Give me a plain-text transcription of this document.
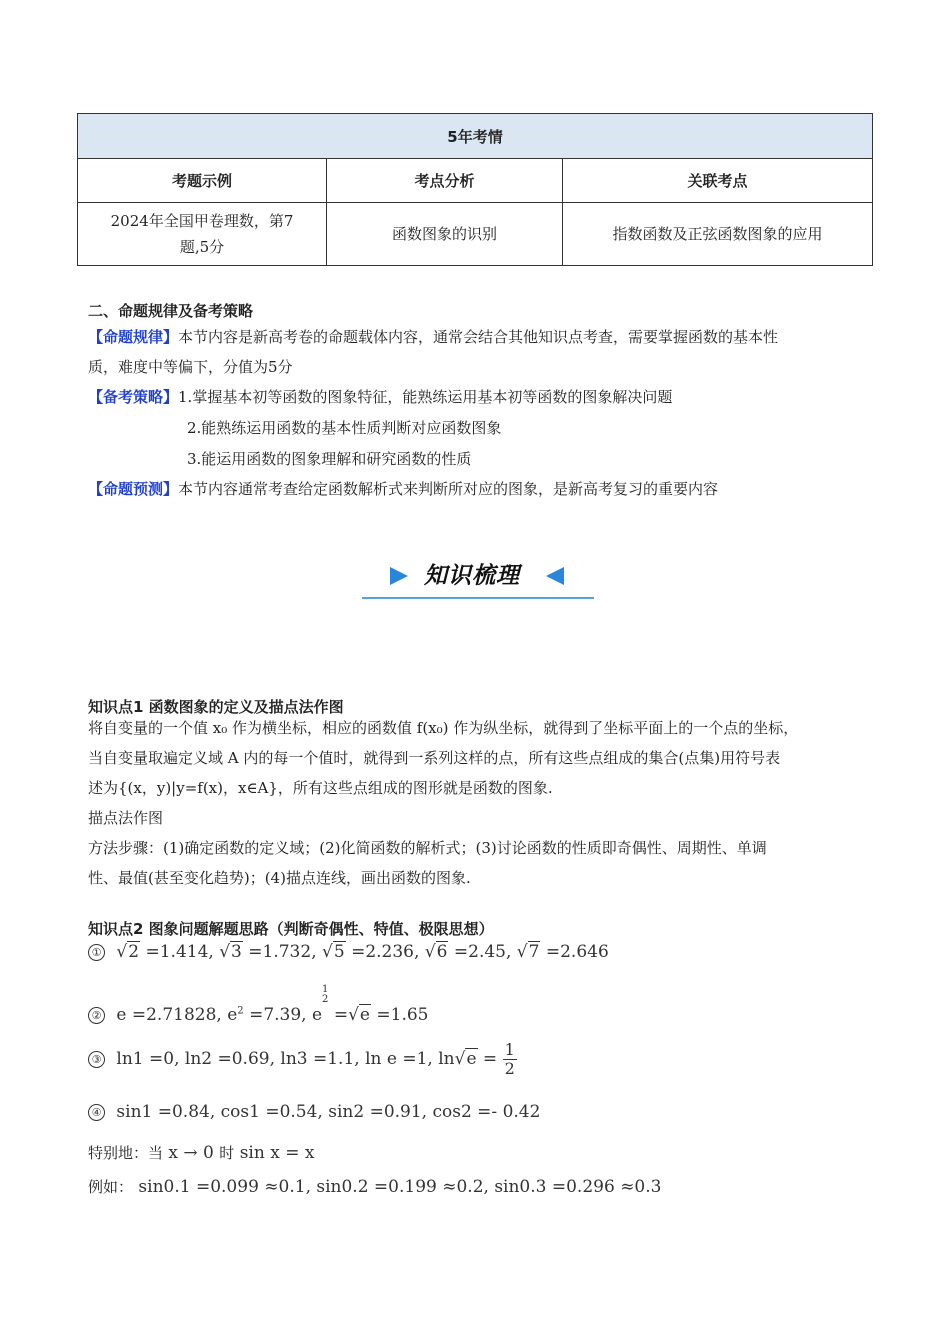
5年考情		
考题示例	考点分析	关联考点

2024年全国甲卷理数，第7
题,5分	函数图象的识别	指数函数及正弦函数图象的应用
二、命题规律及备考策略
【命题规律】本节内容是新高考卷的命题载体内容，通常会结合其他知识点考查，需要掌握函数的基本性
质，难度中等偏下，分值为5分
【备考策略】1.掌握基本初等函数的图象特征，能熟练运用基本初等函数的图象解决问题
2.能熟练运用函数的基本性质判断对应函数图象
3.能运用函数的图象理解和研究函数的性质
【命题预测】本节内容通常考查给定函数解析式来判断所对应的图象，是新高考复习的重要内容
知识梳理
知识点1 函数图象的定义及描点法作图
将自变量的一个值 x₀ 作为横坐标，相应的函数值 f(x₀) 作为纵坐标，就得到了坐标平面上的一个点的坐标，
当自变量取遍定义域 A 内的每一个值时，就得到一系列这样的点，所有这些点组成的集合(点集)用符号表
述为{(x，y)|y=f(x)，x∈A}，所有这些点组成的图形就是函数的图象.
描点法作图
方法步骤：(1)确定函数的定义域；(2)化简函数的解析式；(3)讨论函数的性质即奇偶性、周期性、单调
性、最值(甚至变化趋势)；(4)描点连线，画出函数的图象.
知识点2 图象问题解题思路（判断奇偶性、特值、极限思想）
① √2 =1.414, √3 =1.732, √5 =2.236, √6 =2.45, √7 =2.646
② e =2.71828, $e^2 =7.39$, e
$^{1 2}$
=√e =1.65
③ ln1 =0, ln2 =0.69, ln3 =1.1, ln e =1, $\ln√e = \frac{1}{2}$
④ sin1 =0.84, cos1 =0.54, sin2 =0.91, cos2 =- 0.42
特别地：当 x → 0 时 sin x = x
例如： sin0.1 =0.099 ≈0.1, sin0.2 =0.199 ≈0.2, sin0.3 =0.296 ≈0.3
